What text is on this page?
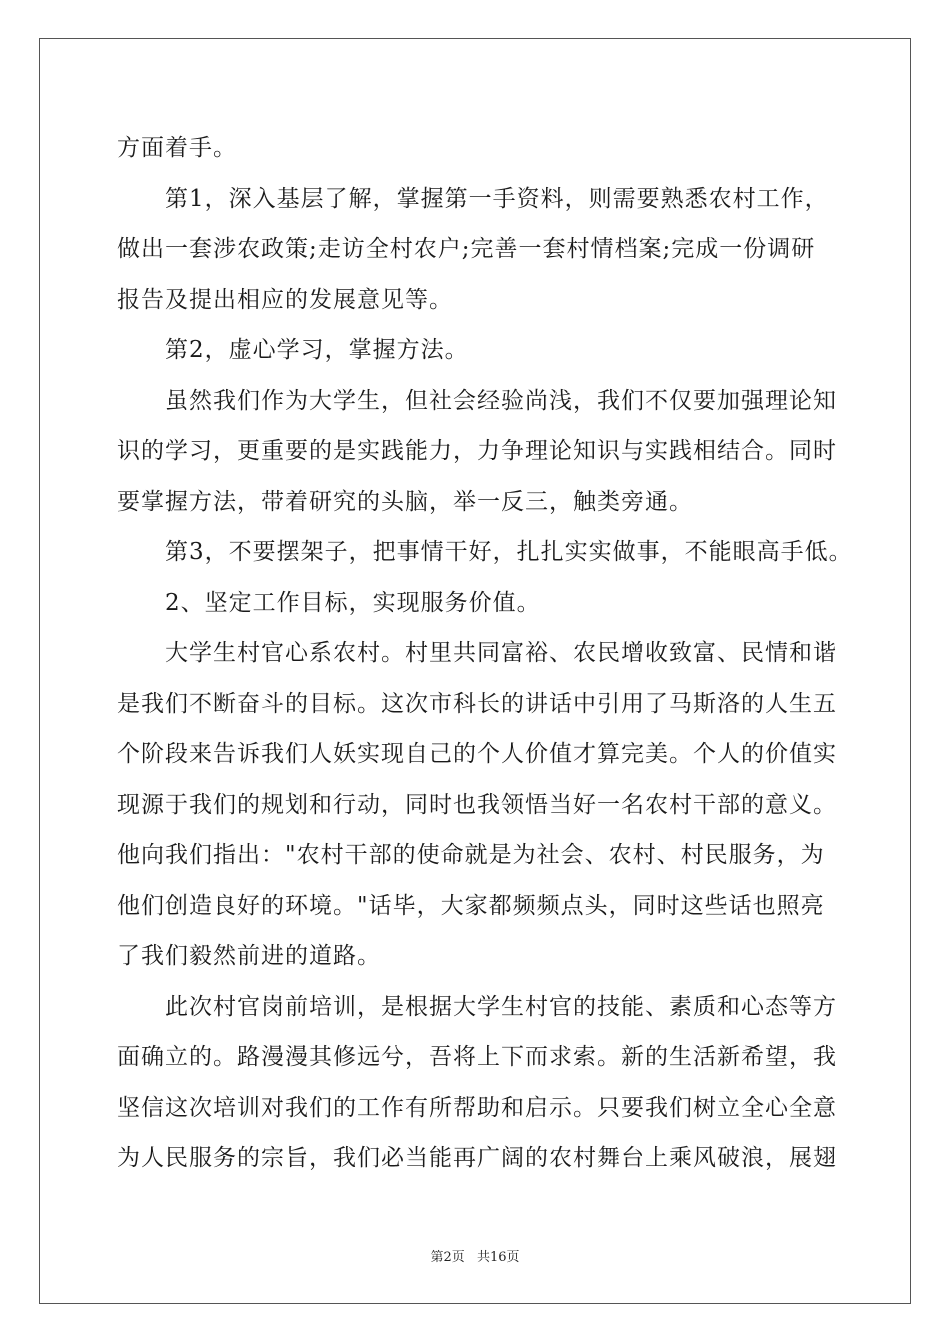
方面着手。
第1，深入基层了解，掌握第一手资料，则需要熟悉农村工作，
做出一套涉农政策;走访全村农户;完善一套村情档案;完成一份调研
报告及提出相应的发展意见等。
第2，虚心学习，掌握方法。
虽然我们作为大学生，但社会经验尚浅，我们不仅要加强理论知
识的学习，更重要的是实践能力，力争理论知识与实践相结合。同时
要掌握方法，带着研究的头脑，举一反三，触类旁通。
第3，不要摆架子，把事情干好，扎扎实实做事，不能眼高手低。
2、坚定工作目标，实现服务价值。
大学生村官心系农村。村里共同富裕、农民增收致富、民情和谐
是我们不断奋斗的目标。这次市科长的讲话中引用了马斯洛的人生五
个阶段来告诉我们人妖实现自己的个人价值才算完美。个人的价值实
现源于我们的规划和行动，同时也我领悟当好一名农村干部的意义。
他向我们指出："农村干部的使命就是为社会、农村、村民服务，为
他们创造良好的环境。"话毕，大家都频频点头，同时这些话也照亮
了我们毅然前进的道路。
此次村官岗前培训，是根据大学生村官的技能、素质和心态等方
面确立的。路漫漫其修远兮，吾将上下而求索。新的生活新希望，我
坚信这次培训对我们的工作有所帮助和启示。只要我们树立全心全意
为人民服务的宗旨，我们必当能再广阔的农村舞台上乘风破浪，展翅
第2页 共16页
